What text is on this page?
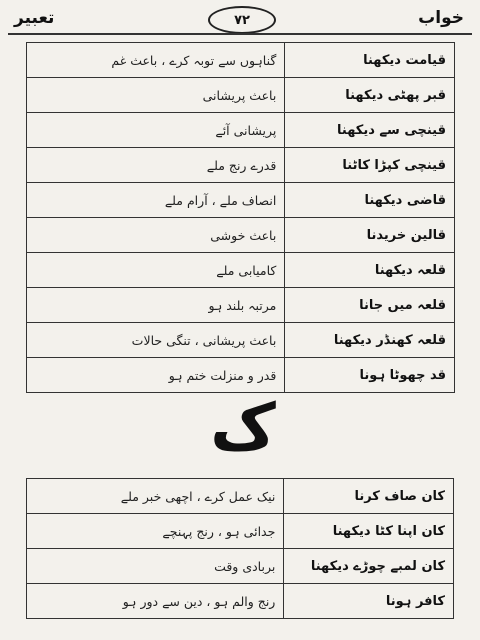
تعبیر	۷۲	خواب
گناہوں سے توبہ کرے ، باعث غم	قیامت دیکھنا
باعث پریشانی	قبر پھٹی دیکھنا
پریشانی آئے	قینچی سے دیکھنا
قدرے رنج ملے	قینچی کپڑا کاٹنا
انصاف ملے ، آرام ملے	قاضی دیکھنا
باعث خوشی	قالین خریدنا
کامیابی ملے	قلعہ دیکھنا
مرتبہ بلند ہو	قلعہ میں جانا
باعث پریشانی ، تنگی حالات	قلعہ کھنڈر دیکھنا
قدر و منزلت ختم ہو	قد چھوٹا ہونا
ک
نیک عمل کرے ، اچھی خبر ملے	کان صاف کرنا
جدائی ہو ، رنج پہنچے	کان اپنا کٹا دیکھنا
بربادی وقت	کان لمبے چوڑے دیکھنا
رنج والم ہو ، دین سے دور ہو	کافر ہونا
